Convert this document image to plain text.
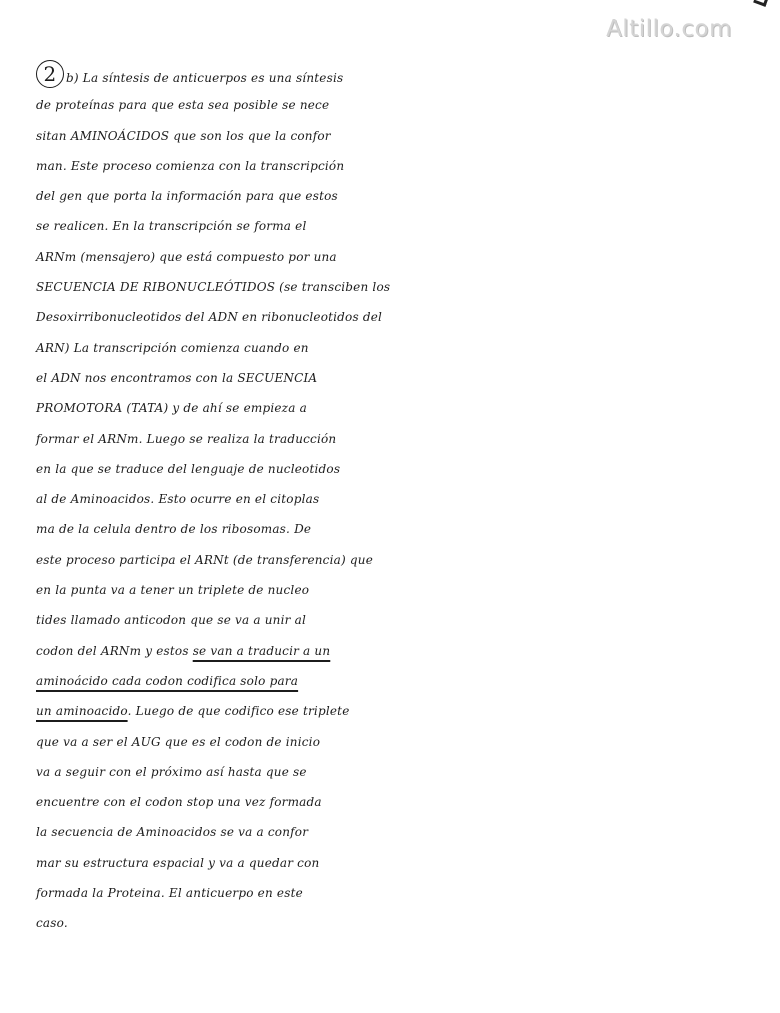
Altillo.com
2 b) La síntesis de anticuerpos es una síntesis
de proteínas para que esta sea posible se nece
sitan AMINOÁCIDOS que son los que la confor
man. Este proceso comienza con la transcripción
del gen que porta la información para que estos
se realicen. En la transcripción se forma el
ARNm (mensajero) que está compuesto por una
SECUENCIA DE RIBONUCLEÓTIDOS (se transciben los
Desoxirribonucleotidos del ADN en ribonucleotidos del
ARN) La transcripción comienza cuando en
el ADN nos encontramos con la SECUENCIA
PROMOTORA (TATA) y de ahí se empieza a
formar el ARNm. Luego se realiza la traducción
en la que se traduce del lenguaje de nucleotidos
al de Aminoacidos. Esto ocurre en el citoplas
ma de la celula dentro de los ribosomas. De
este proceso participa el ARNt (de transferencia) que
en la punta va a tener un triplete de nucleo
tides llamado anticodon que se va a unir al
codon del ARNm y estos se van a traducir a un
aminoácido cada codon codifica solo para
un aminoacido. Luego de que codifico ese triplete
que va a ser el AUG que es el codon de inicio
va a seguir con el próximo así hasta que se
encuentre con el codon stop una vez formada
la secuencia de Aminoacidos se va a confor
mar su estructura espacial y va a quedar con
formada la Proteina. El anticuerpo en este
caso.
